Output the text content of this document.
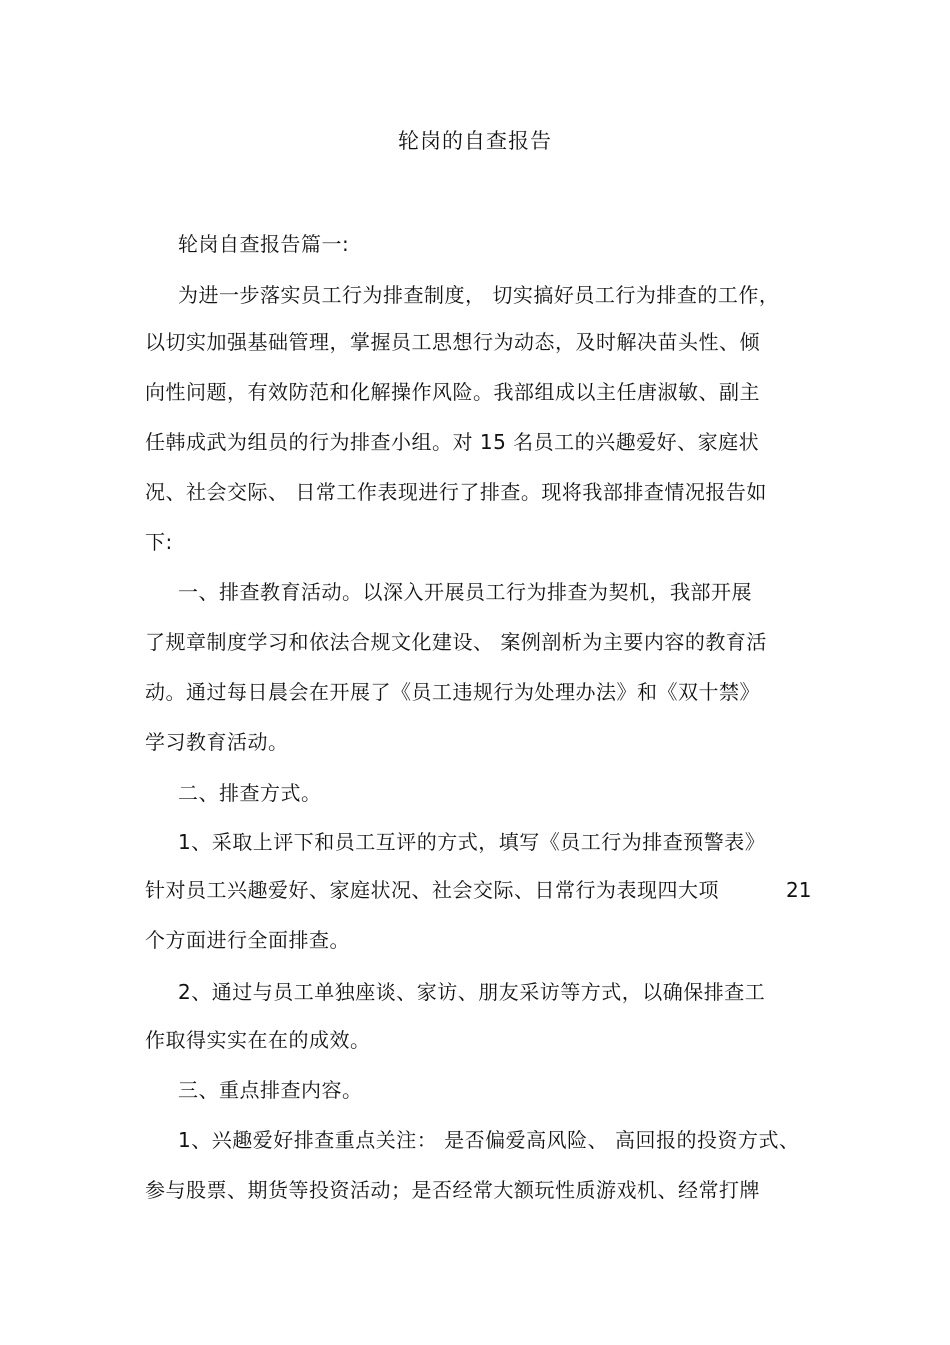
轮岗的自查报告
轮岗自查报告篇一:
为进一步落实员工行为排查制度， 切实搞好员工行为排查的工作，
以切实加强基础管理，掌握员工思想行为动态，及时解决苗头性、倾
向性问题，有效防范和化解操作风险。我部组成以主任唐淑敏、副主
任韩成武为组员的行为排查小组。对 15 名员工的兴趣爱好、家庭状
况、社会交际、 日常工作表现进行了排查。现将我部排查情况报告如
下:
一、排查教育活动。以深入开展员工行为排查为契机，我部开展
了规章制度学习和依法合规文化建设、 案例剖析为主要内容的教育活
动。通过每日晨会在开展了《员工违规行为处理办法》和《双十禁》
学习教育活动。
二、排查方式。
1、采取上评下和员工互评的方式，填写《员工行为排查预警表》
针对员工兴趣爱好、家庭状况、社会交际、日常行为表现四大项	21
个方面进行全面排查。
2、通过与员工单独座谈、家访、朋友采访等方式，以确保排查工
作取得实实在在的成效。
三、重点排查内容。
1、兴趣爱好排查重点关注： 是否偏爱高风险、 高回报的投资方式、
参与股票、期货等投资活动；是否经常大额玩性质游戏机、经常打牌
